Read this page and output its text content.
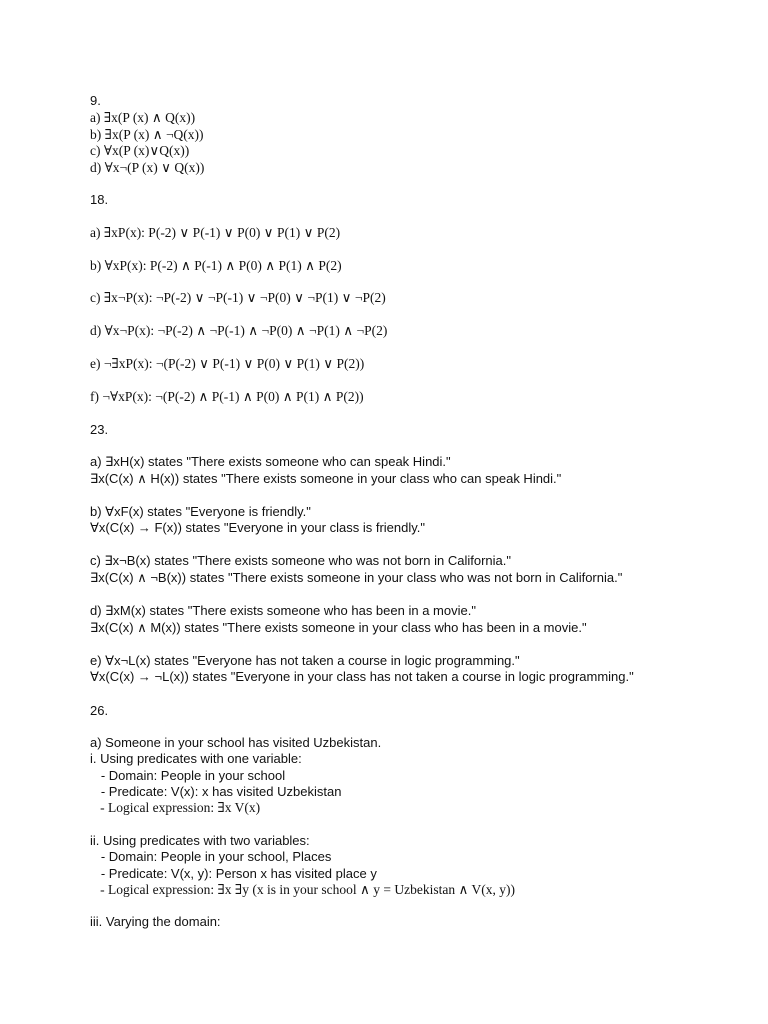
9.
a) ∃x(P (x) ∧ Q(x))
b) ∃x(P (x) ∧ ¬Q(x))
c) ∀x(P (x)∨Q(x))
d) ∀x¬(P (x) ∨ Q(x))
18.
a) ∃xP(x): P(-2) ∨ P(-1) ∨ P(0) ∨ P(1) ∨ P(2)
b) ∀xP(x): P(-2) ∧ P(-1) ∧ P(0) ∧ P(1) ∧ P(2)
c) ∃x¬P(x): ¬P(-2) ∨ ¬P(-1) ∨ ¬P(0) ∨ ¬P(1) ∨ ¬P(2)
d) ∀x¬P(x): ¬P(-2) ∧ ¬P(-1) ∧ ¬P(0) ∧ ¬P(1) ∧ ¬P(2)
e) ¬∃xP(x): ¬(P(-2) ∨ P(-1) ∨ P(0) ∨ P(1) ∨ P(2))
f) ¬∀xP(x): ¬(P(-2) ∧ P(-1) ∧ P(0) ∧ P(1) ∧ P(2))
23.
a) ∃xH(x) states "There exists someone who can speak Hindi."
∃x(C(x) ∧ H(x)) states "There exists someone in your class who can speak Hindi."
b) ∀xF(x) states "Everyone is friendly."
∀x(C(x) → F(x)) states "Everyone in your class is friendly."
c) ∃x¬B(x) states "There exists someone who was not born in California."
∃x(C(x) ∧ ¬B(x)) states "There exists someone in your class who was not born in California."
d) ∃xM(x) states "There exists someone who has been in a movie."
∃x(C(x) ∧ M(x)) states "There exists someone in your class who has been in a movie."
e) ∀x¬L(x) states "Everyone has not taken a course in logic programming."
∀x(C(x) → ¬L(x)) states "Everyone in your class has not taken a course in logic programming."
26.
a) Someone in your school has visited Uzbekistan.
i. Using predicates with one variable:
- Domain: People in your school
- Predicate: V(x): x has visited Uzbekistan
- Logical expression: ∃x V(x)
ii. Using predicates with two variables:
- Domain: People in your school, Places
- Predicate: V(x, y): Person x has visited place y
- Logical expression: ∃x ∃y (x is in your school ∧ y = Uzbekistan ∧ V(x, y))
iii. Varying the domain:
